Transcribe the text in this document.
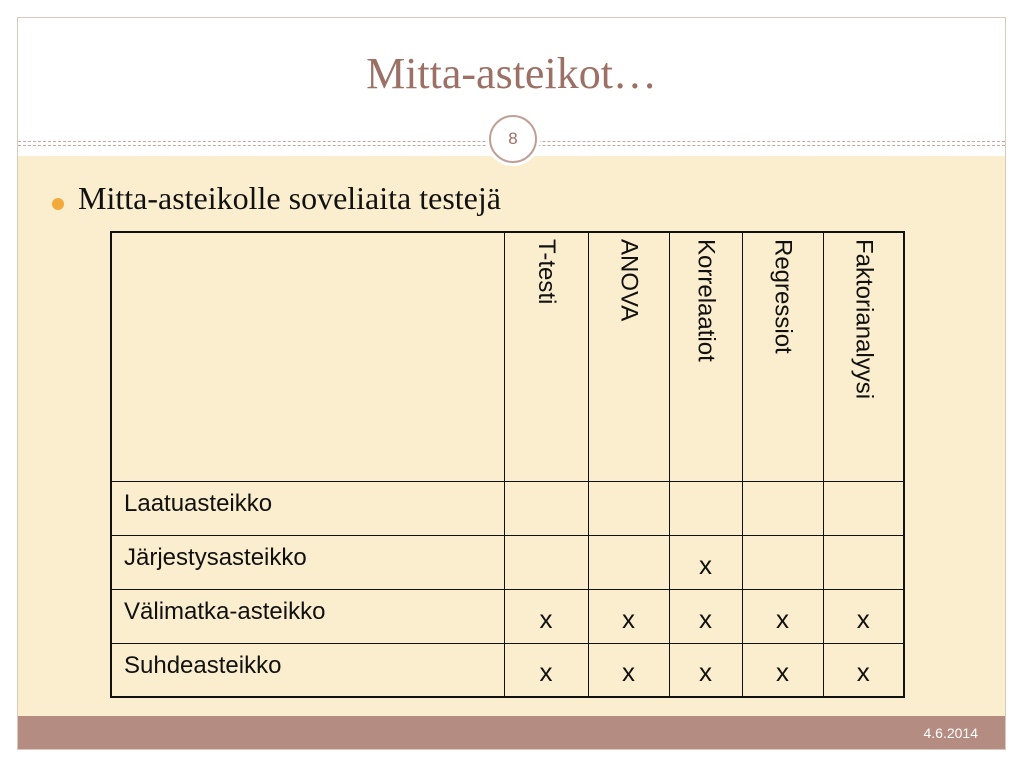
Mitta-asteikot…
8
Mitta-asteikolle soveliaita testejä

	T-testi	ANOVA	Korrelaatiot	Regressiot	Faktorianalyysi

Laatuasteikko					
Järjestysasteikko			x		
Välimatka-asteikko	x	x	x	x	x
Suhdeasteikko	x	x	x	x	x
4.6.2014
